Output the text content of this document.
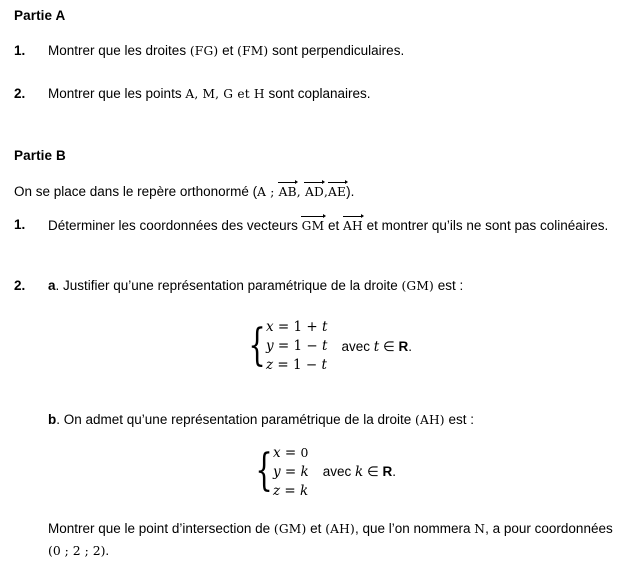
Partie A
1.	Montrer que les droites (FG) et (FM) sont perpendiculaires.
2.	Montrer que les points A, M, G et H sont coplanaires.
Partie B
On se place dans le repère orthonormé (A ;
AB,
AD,
AE).
1.	Déterminer les coordonnées des vecteurs
GM et
AH et montrer qu’ils ne sont pas colinéaires.
2.	a. Justifier qu’une représentation paramétrique de la droite (GM) est :
{ x = 1 + t
y = 1 − t
z = 1 − t
avec t ∈ R.
b. On admet qu’une représentation paramétrique de la droite (AH) est :
{ x = 0
y = k
z = k
avec k ∈ R.
Montrer que le point d’intersection de (GM) et (AH), que l’on nommera N, a pour coordonnées (0 ; 2 ; 2).
